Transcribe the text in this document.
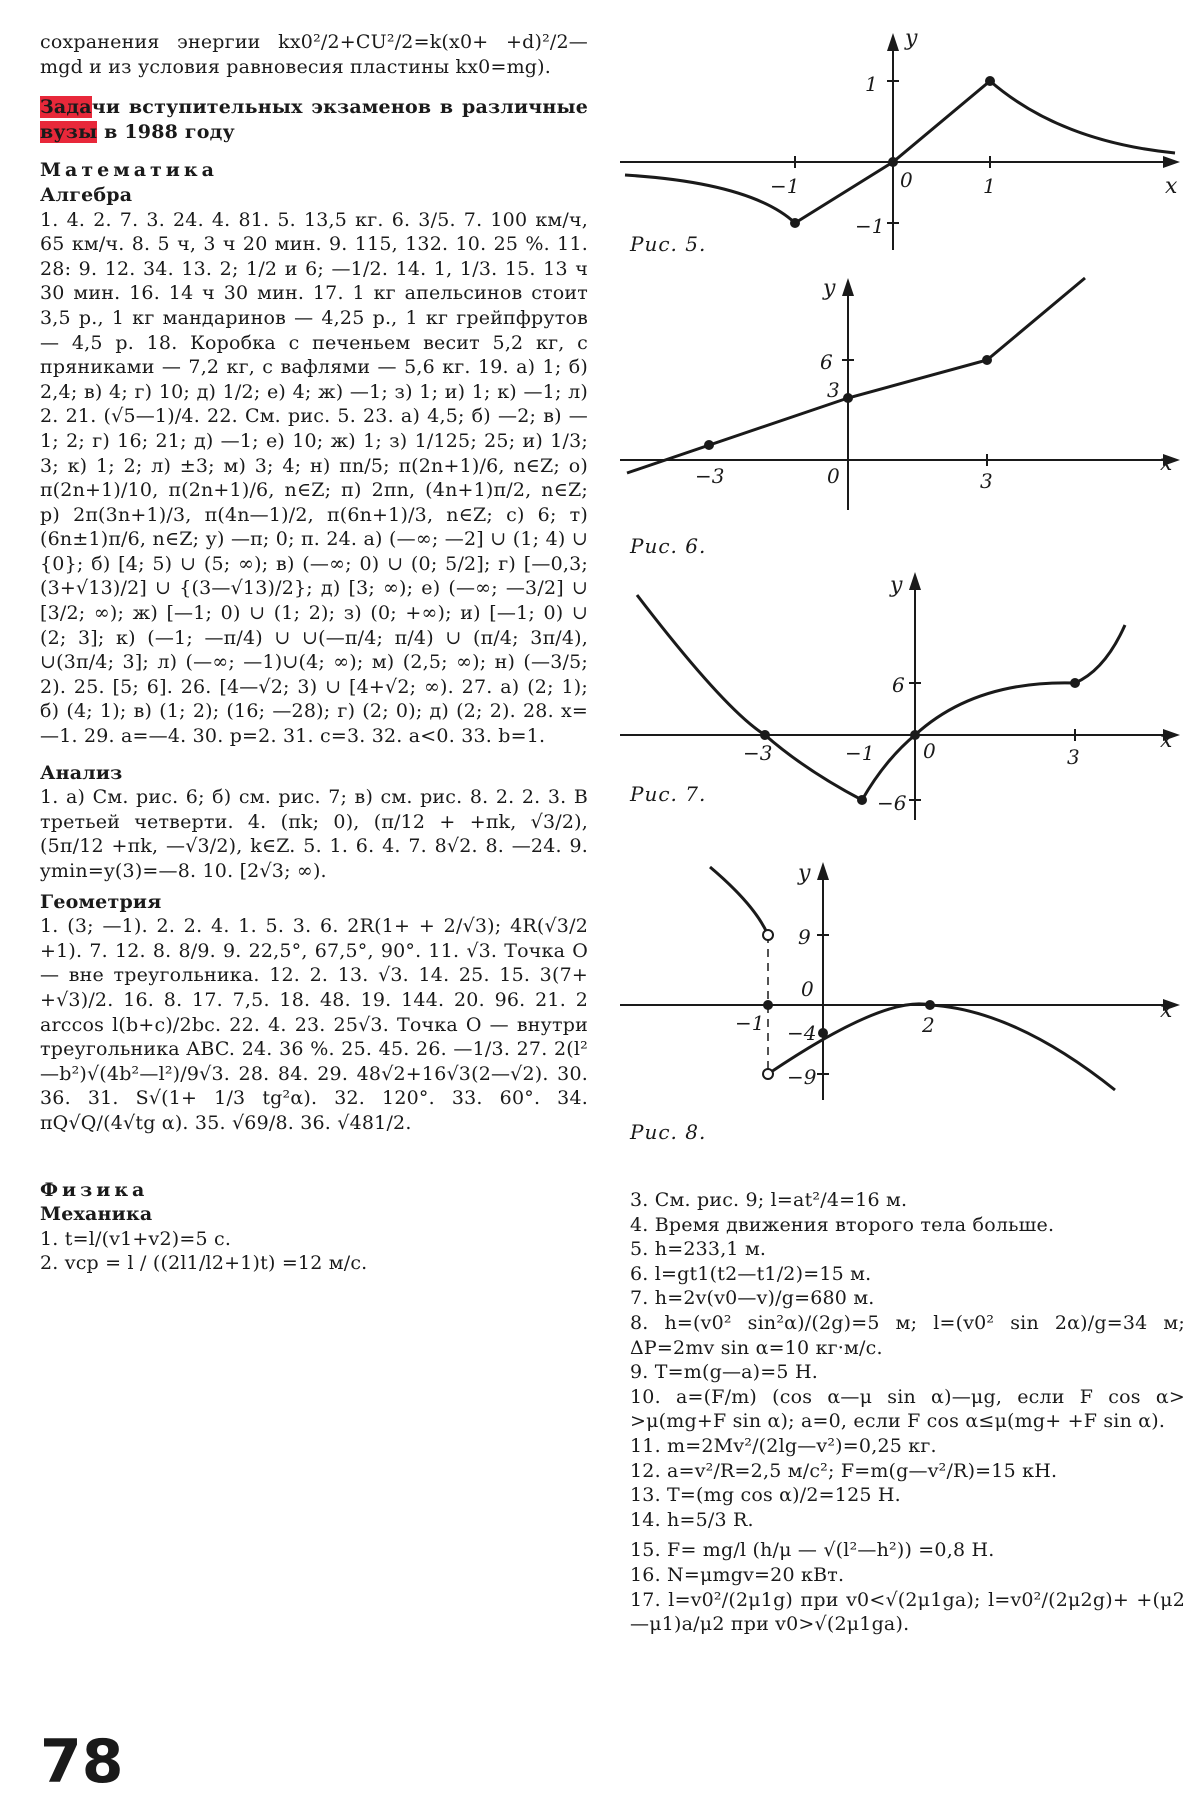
сохранения энергии kx0²/2+CU²/2=k(x0+ +d)²/2—mgd и из условия равновесия пластины kx0=mg).

Задачи вступительных экзаменов в различные вузы в 1988 году

Математика

Алгебра

1. 4. 2. 7. 3. 24. 4. 81. 5. 13,5 кг. 6. 3/5. 7. 100 км/ч, 65 км/ч. 8. 5 ч, 3 ч 20 мин. 9. 115, 132. 10. 25 %. 11. 28: 9. 12. 34. 13. 2; 1/2 и 6; —1/2. 14. 1, 1/3. 15. 13 ч 30 мин. 16. 14 ч 30 мин. 17. 1 кг апельсинов стоит 3,5 р., 1 кг мандаринов — 4,25 р., 1 кг грейпфрутов — 4,5 р. 18. Коробка с печеньем весит 5,2 кг, с пряниками — 7,2 кг, с вафлями — 5,6 кг. 19. а) 1; б) 2,4; в) 4; г) 10; д) 1/2; е) 4; ж) —1; з) 1; и) 1; к) —1; л) 2. 21. (√5—1)/4. 22. См. рис. 5. 23. а) 4,5; б) —2; в) —1; 2; г) 16; 21; д) —1; е) 10; ж) 1; з) 1/125; 25; и) 1/3; 3; к) 1; 2; л) ±3; м) 3; 4; н) πn/5; π(2n+1)/6, n∈Z; о) π(2n+1)/10, π(2n+1)/6, n∈Z; п) 2πn, (4n+1)π/2, n∈Z; р) 2π(3n+1)/3, π(4n—1)/2, π(6n+1)/3, n∈Z; с) 6; т) (6n±1)π/6, n∈Z; у) —π; 0; π. 24. а) (—∞; —2] ∪ (1; 4) ∪ {0}; б) [4; 5) ∪ (5; ∞); в) (—∞; 0) ∪ (0; 5/2]; г) [—0,3; (3+√13)/2] ∪ {(3—√13)/2}; д) [3; ∞); е) (—∞; —3/2] ∪ [3/2; ∞); ж) [—1; 0) ∪ (1; 2); з) (0; +∞); и) [—1; 0) ∪ (2; 3]; к) (—1; —π/4) ∪ ∪(—π/4; π/4) ∪ (π/4; 3π/4), ∪(3π/4; 3]; л) (—∞; —1)∪(4; ∞); м) (2,5; ∞); н) (—3/5; 2). 25. [5; 6]. 26. [4—√2; 3) ∪ [4+√2; ∞). 27. а) (2; 1); б) (4; 1); в) (1; 2); (16; —28); г) (2; 0); д) (2; 2). 28. x=—1. 29. a=—4. 30. p=2. 31. c=3. 32. a<0. 33. b=1.

Анализ

1. а) См. рис. 6; б) см. рис. 7; в) см. рис. 8. 2. 2. 3. В третьей четверти. 4. (πk; 0), (π/12 + +πk, √3/2), (5π/12 +πk, —√3/2), k∈Z. 5. 1. 6. 4. 7. 8√2. 8. —24. 9. ymin=y(3)=—8. 10. [2√3; ∞).

Геометрия

1. (3; —1). 2. 2. 4. 1. 5. 3. 6. 2R(1+ + 2/√3); 4R(√3/2 +1). 7. 12. 8. 8/9. 9. 22,5°, 67,5°, 90°. 11. √3. Точка O — вне треугольника. 12. 2. 13. √3. 14. 25. 15. 3(7+ +√3)/2. 16. 8. 17. 7,5. 18. 48. 19. 144. 20. 96. 21. 2 arccos l(b+c)/2bc. 22. 4. 23. 25√3. Точка O — внутри треугольника ABC. 24. 36 %. 25. 45. 26. —1/3. 27. 2(l²—b²)√(4b²—l²)/9√3. 28. 84. 29. 48√2+16√3(2—√2). 30. 36. 31. S√(1+ 1/3 tg²α). 32. 120°. 33. 60°. 34. πQ√Q/(4√tg α). 35. √69/8. 36. √481/2.

Физика

Механика

1. t=l/(v1+v2)=5 с.

2. vср = l / ((2l1/l2+1)t) =12 м/с.

y
x
1
−1	0	1
−1
Рис. 5.
y
x
6
3
−3	0	3
Рис. 6.
y
x
6
−3	−1 0	3
−6
Рис. 7.
y
x
9
0
−1 −4	2
−9
Рис. 8.

3. См. рис. 9; l=at²/4=16 м.

4. Время движения второго тела больше.

5. h=233,1 м.

6. l=gt1(t2—t1/2)=15 м.

7. h=2v(v0—v)/g=680 м.

8. h=(v0² sin²α)/(2g)=5 м; l=(v0² sin 2α)/g=34 м; ΔP=2mv sin α=10 кг·м/с.

9. T=m(g—a)=5 Н.

10. a=(F/m) (cos α—μ sin α)—μg, если F cos α> >μ(mg+F sin α); a=0, если F cos α≤μ(mg+ +F sin α).

11. m=2Mv²/(2lg—v²)=0,25 кг.

12. a=v²/R=2,5 м/с²; F=m(g—v²/R)=15 кН.

13. T=(mg cos α)/2=125 Н.

14. h=5/3 R.

15. F= mg/l (h/μ — √(l²—h²)) =0,8 Н.

16. N=μmgv=20 кВт.

17. l=v0²/(2μ1g) при v0<√(2μ1ga); l=v0²/(2μ2g)+ +(μ2—μ1)a/μ2 при v0>√(2μ1ga).

78
